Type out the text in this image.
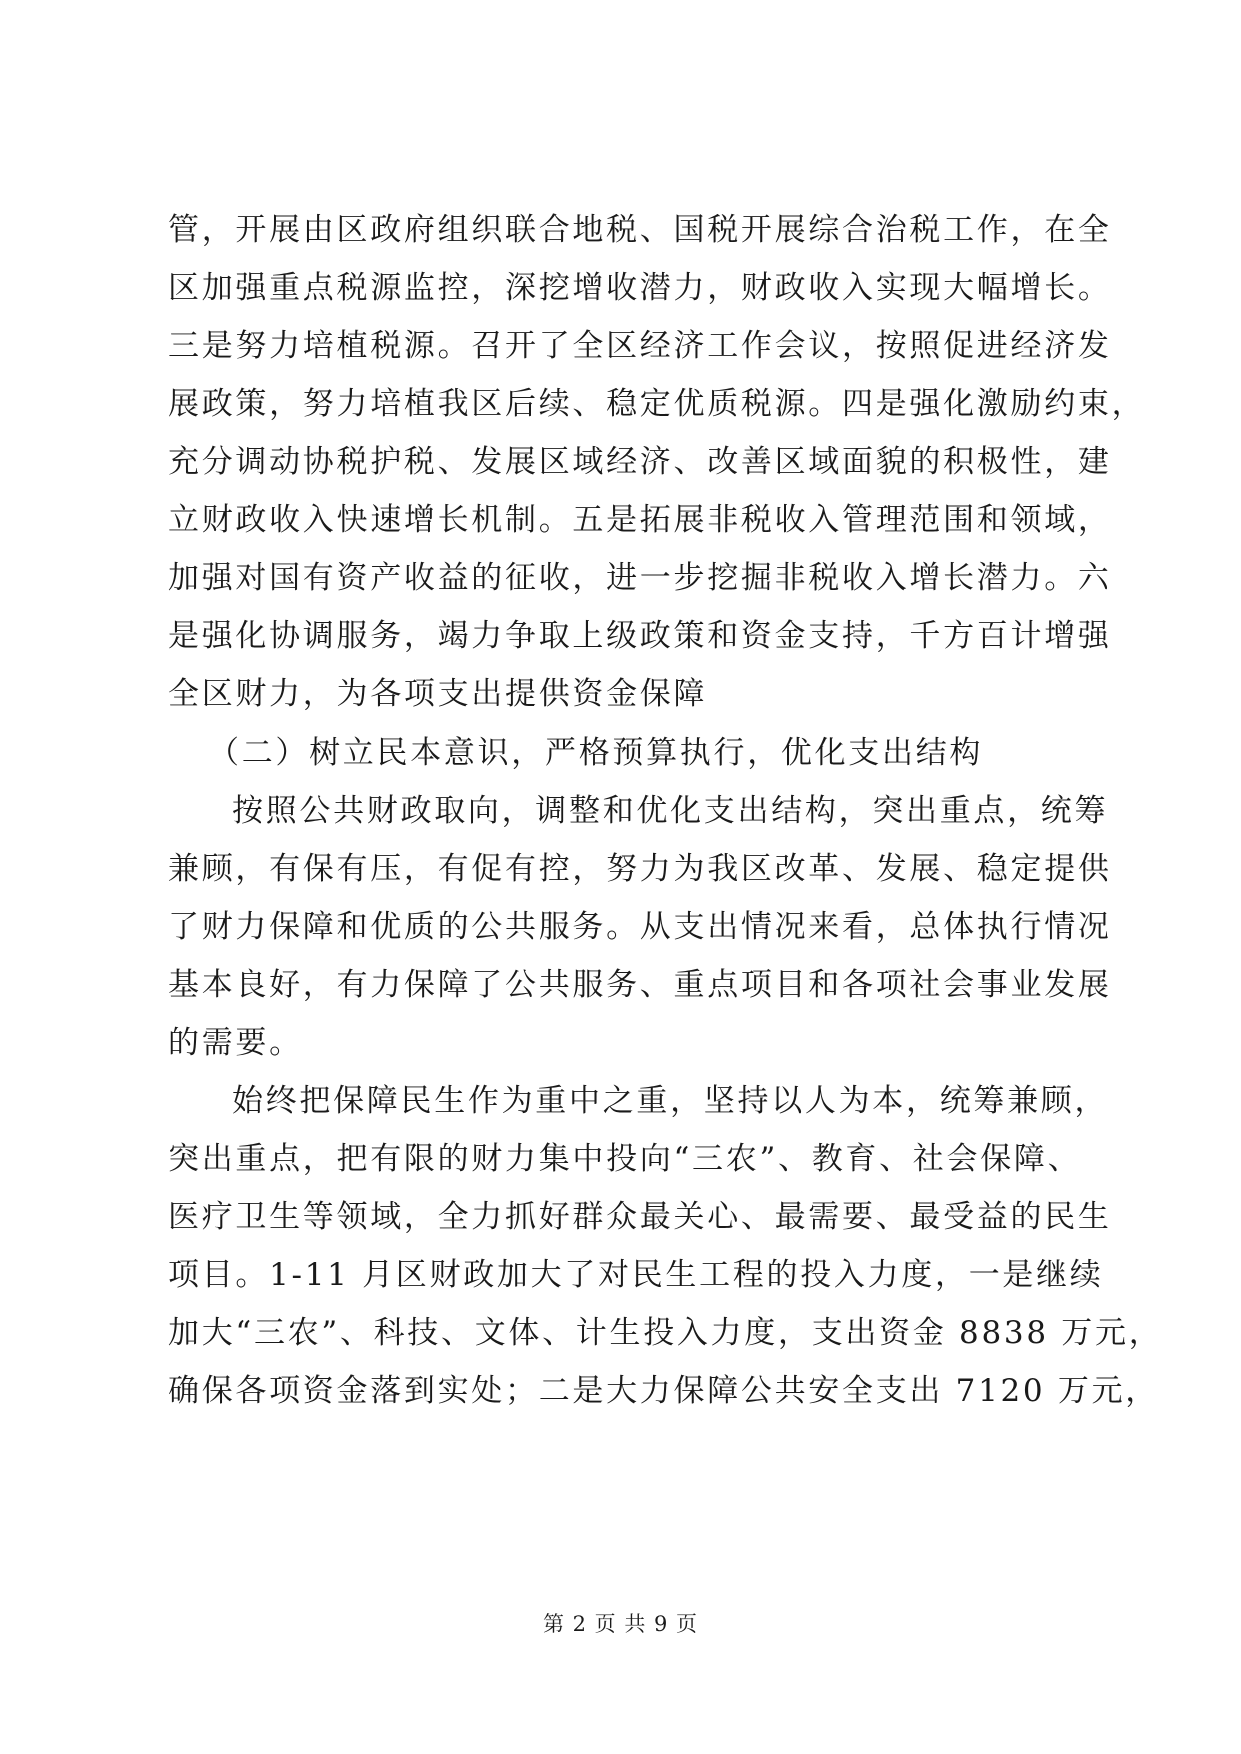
管，开展由区政府组织联合地税、国税开展综合治税工作，在全
区加强重点税源监控，深挖增收潜力，财政收入实现大幅增长。
三是努力培植税源。召开了全区经济工作会议，按照促进经济发
展政策，努力培植我区后续、稳定优质税源。四是强化激励约束，
充分调动协税护税、发展区域经济、改善区域面貌的积极性，建
立财政收入快速增长机制。五是拓展非税收入管理范围和领域，
加强对国有资产收益的征收，进一步挖掘非税收入增长潜力。六
是强化协调服务，竭力争取上级政策和资金支持，千方百计增强
全区财力，为各项支出提供资金保障
（二）树立民本意识，严格预算执行，优化支出结构
按照公共财政取向，调整和优化支出结构，突出重点，统筹
兼顾，有保有压，有促有控，努力为我区改革、发展、稳定提供
了财力保障和优质的公共服务。从支出情况来看，总体执行情况
基本良好，有力保障了公共服务、重点项目和各项社会事业发展
的需要。
始终把保障民生作为重中之重，坚持以人为本，统筹兼顾，
突出重点，把有限的财力集中投向“三农”、教育、社会保障、
医疗卫生等领域，全力抓好群众最关心、最需要、最受益的民生
项目。1-11 月区财政加大了对民生工程的投入力度，一是继续
加大“三农”、科技、文体、计生投入力度，支出资金 8838 万元，
确保各项资金落到实处；二是大力保障公共安全支出 7120 万元，
第 2 页 共 9 页
